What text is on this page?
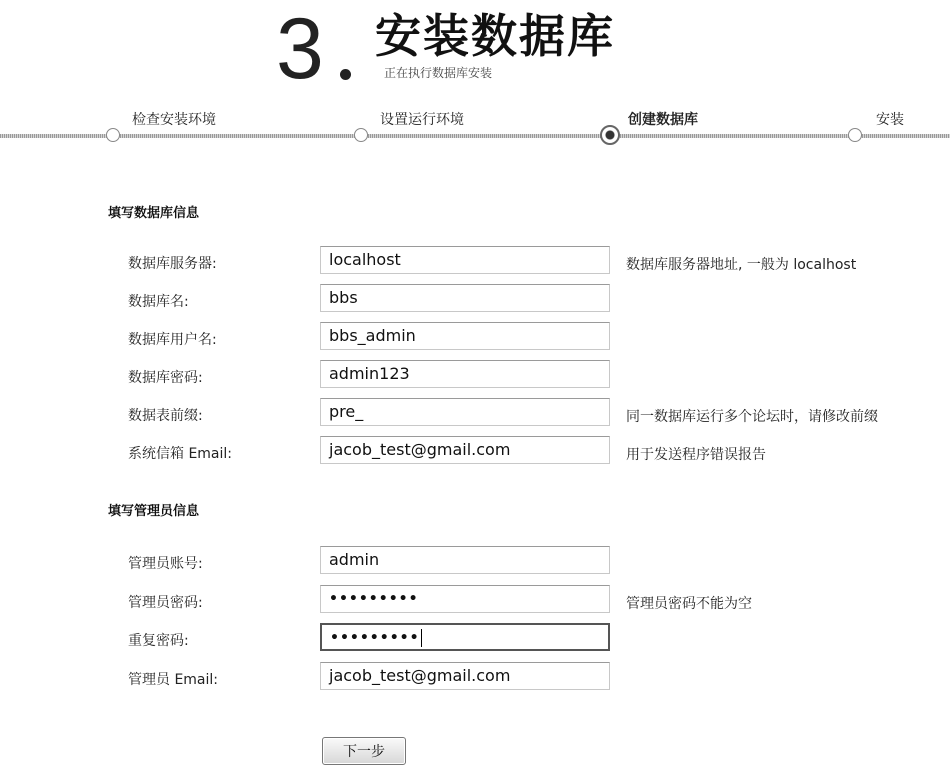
3 安装数据库
正在执行数据库安装
检查安装环境	设置运行环境	创建数据库	安装
填写数据库信息
数据库服务器:	localhost	数据库服务器地址, 一般为 localhost
数据库名:	bbs
数据库用户名:	bbs_admin
数据库密码:	admin123
数据表前缀:	pre_	同一数据库运行多个论坛时，请修改前缀
系统信箱 Email:	jacob_test@gmail.com	用于发送程序错误报告
填写管理员信息
管理员账号:	admin
管理员密码:	•••••••••	管理员密码不能为空
重复密码:	•••••••••
管理员 Email:	jacob_test@gmail.com
下一步
